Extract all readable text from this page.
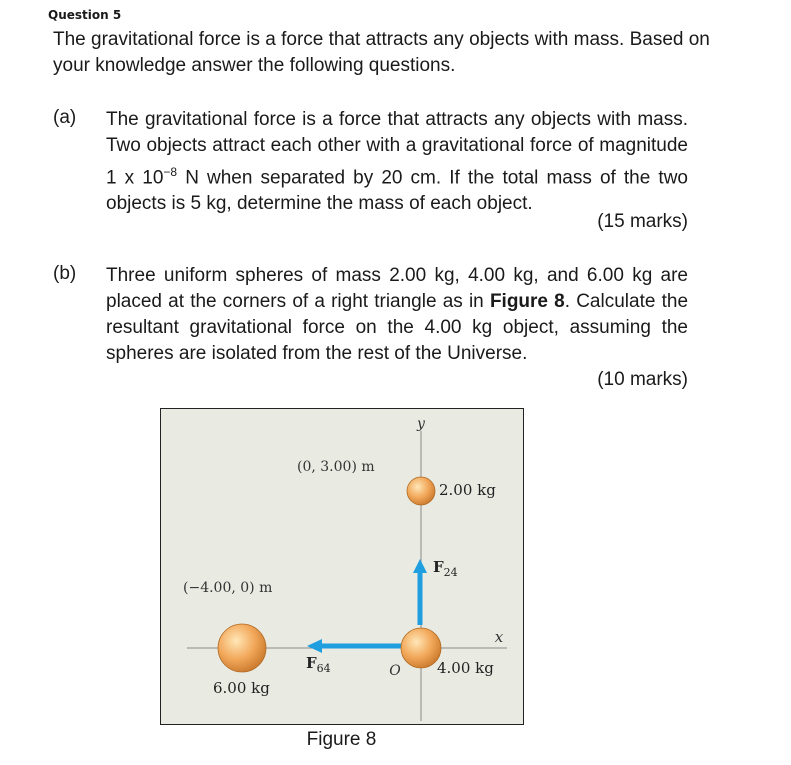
Question 5
The gravitational force is a force that attracts any objects with mass. Based on your knowledge answer the following questions.
(a) The gravitational force is a force that attracts any objects with mass. Two objects attract each other with a gravitational force of magnitude 1 x $10^{-8}$ N when separated by 20 cm. If the total mass of the two objects is 5 kg, determine the mass of each object.
(15 marks)
(b) Three uniform spheres of mass 2.00 kg, 4.00 kg, and 6.00 kg are placed at the corners of a right triangle as in Figure 8. Calculate the resultant gravitational force on the 4.00 kg object, assuming the spheres are isolated from the rest of the Universe.
(10 marks)
y
x
O
(0, 3.00) m
(−4.00, 0) m
2.00 kg
4.00 kg
6.00 kg
$F_{24}$
$F_{64}$
Figure 8
